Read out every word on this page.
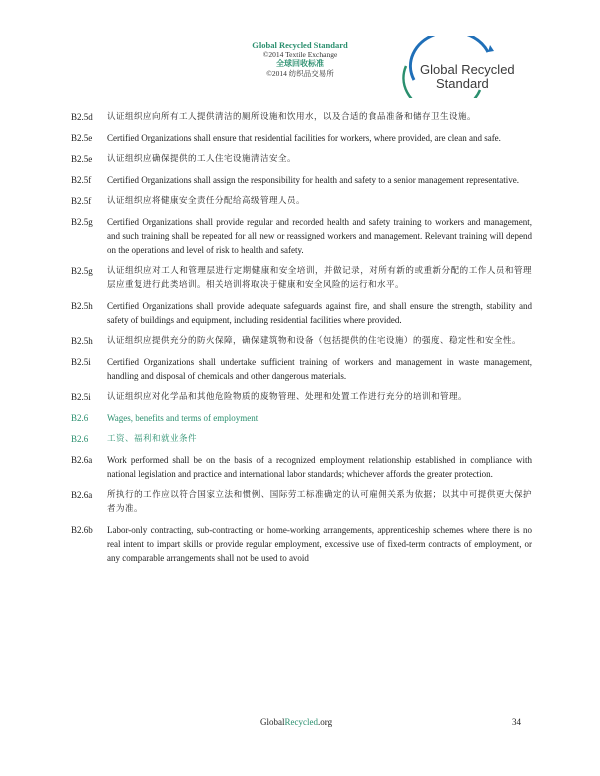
Global Recycled Standard
©2014 Textile Exchange
全球回收标准
©2014 纺织品交易所	Global Recycled
Standard
B2.5d	认证组织应向所有工人提供清洁的厕所设施和饮用水，以及合适的食品准备和储存卫生设施。
B2.5e	Certified Organizations shall ensure that residential facilities for workers, where provided, are clean and safe.
B2.5e	认证组织应确保提供的工人住宅设施清洁安全。
B2.5f	Certified Organizations shall assign the responsibility for health and safety to a senior management representative.
B2.5f	认证组织应将健康安全责任分配给高级管理人员。
B2.5g	Certified Organizations shall provide regular and recorded health and safety training to workers and management, and such training shall be repeated for all new or reassigned workers and management. Relevant training will depend on the operations and level of risk to health and safety.
B2.5g	认证组织应对工人和管理层进行定期健康和安全培训，并做记录，对所有新的或重新分配的工作人员和管理层应重复进行此类培训。相关培训将取决于健康和安全风险的运行和水平。
B2.5h	Certified Organizations shall provide adequate safeguards against fire, and shall ensure the strength, stability and safety of buildings and equipment, including residential facilities where provided.
B2.5h	认证组织应提供充分的防火保障，确保建筑物和设备（包括提供的住宅设施）的强度、稳定性和安全性。
B2.5i	Certified Organizations shall undertake sufficient training of workers and management in waste management, handling and disposal of chemicals and other dangerous materials.
B2.5i	认证组织应对化学品和其他危险物质的废物管理、处理和处置工作进行充分的培训和管理。
B2.6	Wages, benefits and terms of employment
B2.6	工资、福利和就业条件
B2.6a	Work performed shall be on the basis of a recognized employment relationship established in compliance with national legislation and practice and international labor standards; whichever affords the greater protection.
B2.6a	所执行的工作应以符合国家立法和惯例、国际劳工标准确定的认可雇佣关系为依据；以其中可提供更大保护者为准。
B2.6b	Labor-only contracting, sub-contracting or home-working arrangements, apprenticeship schemes where there is no real intent to impart skills or provide regular employment, excessive use of fixed-term contracts of employment, or any comparable arrangements shall not be used to avoid
GlobalRecycled.org	34
